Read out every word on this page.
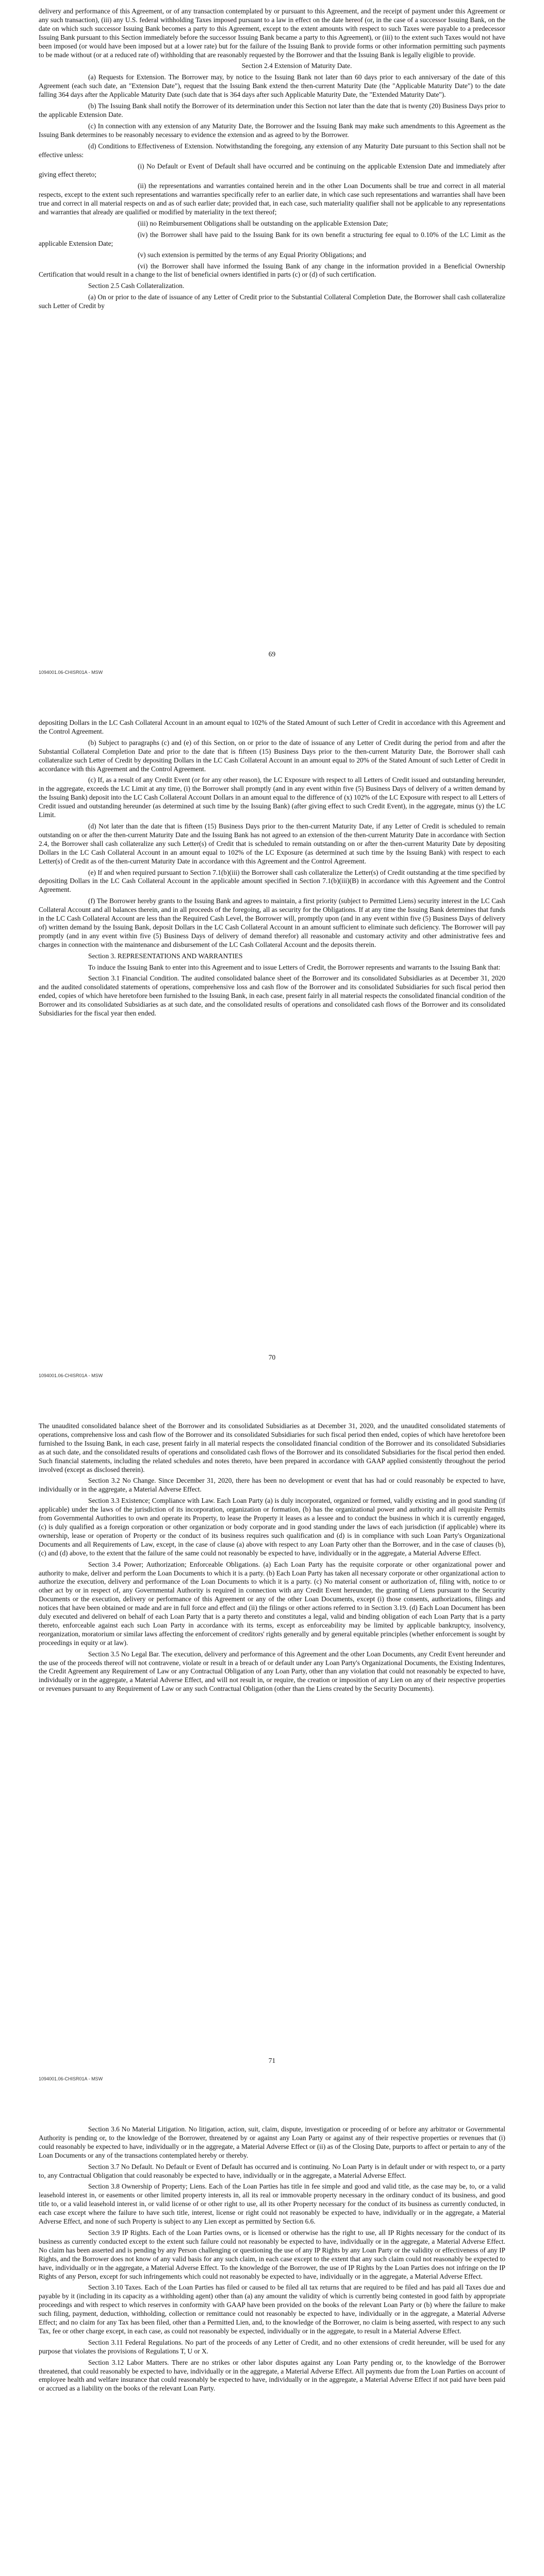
delivery and performance of this Agreement, or of any transaction contemplated by or pursuant to this Agreement, and the receipt of payment under this Agreement or any such transaction), (iii) any U.S. federal withholding Taxes imposed pursuant to a law in effect on the date hereof (or, in the case of a successor Issuing Bank, on the date on which such successor Issuing Bank becomes a party to this Agreement, except to the extent amounts with respect to such Taxes were payable to a predecessor Issuing Bank pursuant to this Section immediately before the successor Issuing Bank became a party to this Agreement), or (iii) to the extent such Taxes would not have been imposed (or would have been imposed but at a lower rate) but for the failure of the Issuing Bank to provide forms or other information permitting such payments to be made without (or at a reduced rate of) withholding that are reasonably requested by the Borrower and that the Issuing Bank is legally eligible to provide.

Section 2.4 Extension of Maturity Date.

(a) Requests for Extension. The Borrower may, by notice to the Issuing Bank not later than 60 days prior to each anniversary of the date of this Agreement (each such date, an "Extension Date"), request that the Issuing Bank extend the then-current Maturity Date (the "Applicable Maturity Date") to the date falling 364 days after the Applicable Maturity Date (such date that is 364 days after such Applicable Maturity Date, the "Extended Maturity Date").

(b) The Issuing Bank shall notify the Borrower of its determination under this Section not later than the date that is twenty (20) Business Days prior to the applicable Extension Date.

(c) In connection with any extension of any Maturity Date, the Borrower and the Issuing Bank may make such amendments to this Agreement as the Issuing Bank determines to be reasonably necessary to evidence the extension and as agreed to by the Borrower.

(d) Conditions to Effectiveness of Extension. Notwithstanding the foregoing, any extension of any Maturity Date pursuant to this Section shall not be effective unless:

(i) No Default or Event of Default shall have occurred and be continuing on the applicable Extension Date and immediately after giving effect thereto;

(ii) the representations and warranties contained herein and in the other Loan Documents shall be true and correct in all material respects, except to the extent such representations and warranties specifically refer to an earlier date, in which case such representations and warranties shall have been true and correct in all material respects on and as of such earlier date; provided that, in each case, such materiality qualifier shall not be applicable to any representations and warranties that already are qualified or modified by materiality in the text thereof;

(iii) no Reimbursement Obligations shall be outstanding on the applicable Extension Date;

(iv) the Borrower shall have paid to the Issuing Bank for its own benefit a structuring fee equal to 0.10% of the LC Limit as the applicable Extension Date;

(v) such extension is permitted by the terms of any Equal Priority Obligations; and

(vi) the Borrower shall have informed the Issuing Bank of any change in the information provided in a Beneficial Ownership Certification that would result in a change to the list of beneficial owners identified in parts (c) or (d) of such certification.

Section 2.5 Cash Collateralization.

(a) On or prior to the date of issuance of any Letter of Credit prior to the Substantial Collateral Completion Date, the Borrower shall cash collateralize such Letter of Credit by

69
1094001.06-CHISR01A - MSW

depositing Dollars in the LC Cash Collateral Account in an amount equal to 102% of the Stated Amount of such Letter of Credit in accordance with this Agreement and the Control Agreement.

(b) Subject to paragraphs (c) and (e) of this Section, on or prior to the date of issuance of any Letter of Credit during the period from and after the Substantial Collateral Completion Date and prior to the date that is fifteen (15) Business Days prior to the then-current Maturity Date, the Borrower shall cash collateralize such Letter of Credit by depositing Dollars in the LC Cash Collateral Account in an amount equal to 20% of the Stated Amount of such Letter of Credit in accordance with this Agreement and the Control Agreement.

(c) If, as a result of any Credit Event (or for any other reason), the LC Exposure with respect to all Letters of Credit issued and outstanding hereunder, in the aggregate, exceeds the LC Limit at any time, (i) the Borrower shall promptly (and in any event within five (5) Business Days of delivery of a written demand by the Issuing Bank) deposit into the LC Cash Collateral Account Dollars in an amount equal to the difference of (x) 102% of the LC Exposure with respect to all Letters of Credit issued and outstanding hereunder (as determined at such time by the Issuing Bank) (after giving effect to such Credit Event), in the aggregate, minus (y) the LC Limit.

(d) Not later than the date that is fifteen (15) Business Days prior to the then-current Maturity Date, if any Letter of Credit is scheduled to remain outstanding on or after the then-current Maturity Date and the Issuing Bank has not agreed to an extension of the then-current Maturity Date in accordance with Section 2.4, the Borrower shall cash collateralize any such Letter(s) of Credit that is scheduled to remain outstanding on or after the then-current Maturity Date by depositing Dollars in the LC Cash Collateral Account in an amount equal to 102% of the LC Exposure (as determined at such time by the Issuing Bank) with respect to each Letter(s) of Credit as of the then-current Maturity Date in accordance with this Agreement and the Control Agreement.

(e) If and when required pursuant to Section 7.1(b)(iii) the Borrower shall cash collateralize the Letter(s) of Credit outstanding at the time specified by depositing Dollars in the LC Cash Collateral Account in the applicable amount specified in Section 7.1(b)(iii)(B) in accordance with this Agreement and the Control Agreement.

(f) The Borrower hereby grants to the Issuing Bank and agrees to maintain, a first priority (subject to Permitted Liens) security interest in the LC Cash Collateral Account and all balances therein, and in all proceeds of the foregoing, all as security for the Obligations. If at any time the Issuing Bank determines that funds in the LC Cash Collateral Account are less than the Required Cash Level, the Borrower will, promptly upon (and in any event within five (5) Business Days of delivery of) written demand by the Issuing Bank, deposit Dollars in the LC Cash Collateral Account in an amount sufficient to eliminate such deficiency. The Borrower will pay promptly (and in any event within five (5) Business Days of delivery of demand therefor) all reasonable and customary activity and other administrative fees and charges in connection with the maintenance and disbursement of the LC Cash Collateral Account and the deposits therein.

Section 3. REPRESENTATIONS AND WARRANTIES

To induce the Issuing Bank to enter into this Agreement and to issue Letters of Credit, the Borrower represents and warrants to the Issuing Bank that:

Section 3.1 Financial Condition. The audited consolidated balance sheet of the Borrower and its consolidated Subsidiaries as at December 31, 2020 and the audited consolidated statements of operations, comprehensive loss and cash flow of the Borrower and its consolidated Subsidiaries for such fiscal period then ended, copies of which have heretofore been furnished to the Issuing Bank, in each case, present fairly in all material respects the consolidated financial condition of the Borrower and its consolidated Subsidiaries as at such date, and the consolidated results of operations and consolidated cash flows of the Borrower and its consolidated Subsidiaries for the fiscal year then ended.

70
1094001.06-CHISR01A - MSW

The unaudited consolidated balance sheet of the Borrower and its consolidated Subsidiaries as at December 31, 2020, and the unaudited consolidated statements of operations, comprehensive loss and cash flow of the Borrower and its consolidated Subsidiaries for such fiscal period then ended, copies of which have heretofore been furnished to the Issuing Bank, in each case, present fairly in all material respects the consolidated financial condition of the Borrower and its consolidated Subsidiaries as at such date, and the consolidated results of operations and consolidated cash flows of the Borrower and its consolidated Subsidiaries for the fiscal period then ended. Such financial statements, including the related schedules and notes thereto, have been prepared in accordance with GAAP applied consistently throughout the period involved (except as disclosed therein).

Section 3.2 No Change. Since December 31, 2020, there has been no development or event that has had or could reasonably be expected to have, individually or in the aggregate, a Material Adverse Effect.

Section 3.3 Existence; Compliance with Law. Each Loan Party (a) is duly incorporated, organized or formed, validly existing and in good standing (if applicable) under the laws of the jurisdiction of its incorporation, organization or formation, (b) has the organizational power and authority and all requisite Permits from Governmental Authorities to own and operate its Property, to lease the Property it leases as a lessee and to conduct the business in which it is currently engaged, (c) is duly qualified as a foreign corporation or other organization or body corporate and in good standing under the laws of each jurisdiction (if applicable) where its ownership, lease or operation of Property or the conduct of its business requires such qualification and (d) is in compliance with such Loan Party's Organizational Documents and all Requirements of Law, except, in the case of clause (a) above with respect to any Loan Party other than the Borrower, and in the case of clauses (b), (c) and (d) above, to the extent that the failure of the same could not reasonably be expected to have, individually or in the aggregate, a Material Adverse Effect.

Section 3.4 Power; Authorization; Enforceable Obligations. (a) Each Loan Party has the requisite corporate or other organizational power and authority to make, deliver and perform the Loan Documents to which it is a party. (b) Each Loan Party has taken all necessary corporate or other organizational action to authorize the execution, delivery and performance of the Loan Documents to which it is a party. (c) No material consent or authorization of, filing with, notice to or other act by or in respect of, any Governmental Authority is required in connection with any Credit Event hereunder, the granting of Liens pursuant to the Security Documents or the execution, delivery or performance of this Agreement or any of the other Loan Documents, except (i) those consents, authorizations, filings and notices that have been obtained or made and are in full force and effect and (ii) the filings or other actions referred to in Section 3.19. (d) Each Loan Document has been duly executed and delivered on behalf of each Loan Party that is a party thereto and constitutes a legal, valid and binding obligation of each Loan Party that is a party thereto, enforceable against each such Loan Party in accordance with its terms, except as enforceability may be limited by applicable bankruptcy, insolvency, reorganization, moratorium or similar laws affecting the enforcement of creditors' rights generally and by general equitable principles (whether enforcement is sought by proceedings in equity or at law).

Section 3.5 No Legal Bar. The execution, delivery and performance of this Agreement and the other Loan Documents, any Credit Event hereunder and the use of the proceeds thereof will not contravene, violate or result in a breach of or default under any Loan Party's Organizational Documents, the Existing Indentures, the Credit Agreement any Requirement of Law or any Contractual Obligation of any Loan Party, other than any violation that could not reasonably be expected to have, individually or in the aggregate, a Material Adverse Effect, and will not result in, or require, the creation or imposition of any Lien on any of their respective properties or revenues pursuant to any Requirement of Law or any such Contractual Obligation (other than the Liens created by the Security Documents).

71
1094001.06-CHISR01A - MSW

Section 3.6 No Material Litigation. No litigation, action, suit, claim, dispute, investigation or proceeding of or before any arbitrator or Governmental Authority is pending or, to the knowledge of the Borrower, threatened by or against any Loan Party or against any of their respective properties or revenues that (i) could reasonably be expected to have, individually or in the aggregate, a Material Adverse Effect or (ii) as of the Closing Date, purports to affect or pertain to any of the Loan Documents or any of the transactions contemplated hereby or thereby.

Section 3.7 No Default. No Default or Event of Default has occurred and is continuing. No Loan Party is in default under or with respect to, or a party to, any Contractual Obligation that could reasonably be expected to have, individually or in the aggregate, a Material Adverse Effect.

Section 3.8 Ownership of Property; Liens. Each of the Loan Parties has title in fee simple and good and valid title, as the case may be, to, or a valid leasehold interest in, or easements or other limited property interests in, all its real or immovable property necessary in the ordinary conduct of its business, and good title to, or a valid leasehold interest in, or valid license of or other right to use, all its other Property necessary for the conduct of its business as currently conducted, in each case except where the failure to have such title, interest, license or right could not reasonably be expected to have, individually or in the aggregate, a Material Adverse Effect, and none of such Property is subject to any Lien except as permitted by Section 6.6.

Section 3.9 IP Rights. Each of the Loan Parties owns, or is licensed or otherwise has the right to use, all IP Rights necessary for the conduct of its business as currently conducted except to the extent such failure could not reasonably be expected to have, individually or in the aggregate, a Material Adverse Effect. No claim has been asserted and is pending by any Person challenging or questioning the use of any IP Rights by any Loan Party or the validity or effectiveness of any IP Rights, and the Borrower does not know of any valid basis for any such claim, in each case except to the extent that any such claim could not reasonably be expected to have, individually or in the aggregate, a Material Adverse Effect. To the knowledge of the Borrower, the use of IP Rights by the Loan Parties does not infringe on the IP Rights of any Person, except for such infringements which could not reasonably be expected to have, individually or in the aggregate, a Material Adverse Effect.

Section 3.10 Taxes. Each of the Loan Parties has filed or caused to be filed all tax returns that are required to be filed and has paid all Taxes due and payable by it (including in its capacity as a withholding agent) other than (a) any amount the validity of which is currently being contested in good faith by appropriate proceedings and with respect to which reserves in conformity with GAAP have been provided on the books of the relevant Loan Party or (b) where the failure to make such filing, payment, deduction, withholding, collection or remittance could not reasonably be expected to have, individually or in the aggregate, a Material Adverse Effect; and no claim for any Tax has been filed, other than a Permitted Lien, and, to the knowledge of the Borrower, no claim is being asserted, with respect to any such Tax, fee or other charge except, in each case, as could not reasonably be expected, individually or in the aggregate, to result in a Material Adverse Effect.

Section 3.11 Federal Regulations. No part of the proceeds of any Letter of Credit, and no other extensions of credit hereunder, will be used for any purpose that violates the provisions of Regulations T, U or X.

Section 3.12 Labor Matters. There are no strikes or other labor disputes against any Loan Party pending or, to the knowledge of the Borrower threatened, that could reasonably be expected to have, individually or in the aggregate, a Material Adverse Effect. All payments due from the Loan Parties on account of employee health and welfare insurance that could reasonably be expected to have, individually or in the aggregate, a Material Adverse Effect if not paid have been paid or accrued as a liability on the books of the relevant Loan Party.
